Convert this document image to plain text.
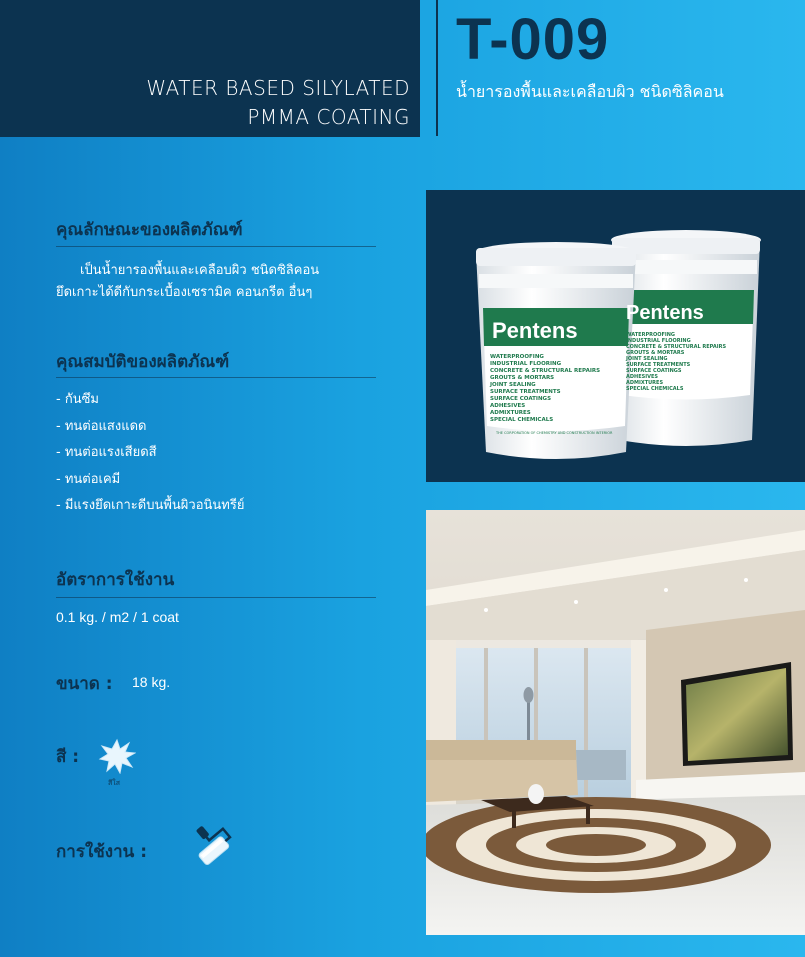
WATER BASED SILYLATED
PMMA COATING
T-009
น้ำยารองพื้นและเคลือบผิว ชนิดซิลิคอน
คุณลักษณะของผลิตภัณฑ์
เป็นน้ำยารองพื้นและเคลือบผิว ชนิดซิลิคอน
ยึดเกาะได้ดีกับกระเบื้องเซรามิค คอนกรีต อื่นๆ
คุณสมบัติของผลิตภัณฑ์
- กันซึม
- ทนต่อแสงแดด
- ทนต่อแรงเสียดสี
- ทนต่อเคมี
- มีแรงยึดเกาะดีบนพื้นผิวอนินทรีย์
อัตราการใช้งาน
0.1 kg. / m2 / 1 coat
ขนาด : 18 kg.
สี :
สีใส
การใช้งาน :
Pentens
Pentens
WATERPROOFING
INDUSTRIAL FLOORING
CONCRETE & STRUCTURAL REPAIRS
GROUTS & MORTARS
JOINT SEALING
SURFACE TREATMENTS
SURFACE COATINGS
ADHESIVES
ADMIXTURES
SPECIAL CHEMICALS
WATERPROOFING
INDUSTRIAL FLOORING
CONCRETE & STRUCTURAL REPAIRS
GROUTS & MORTARS
JOINT SEALING
SURFACE TREATMENTS
SURFACE COATINGS
ADHESIVES
ADMIXTURES
SPECIAL CHEMICALS
THE CORPORATION OF CHEMISTRY AND CONSTRUCTION INTERIOR
